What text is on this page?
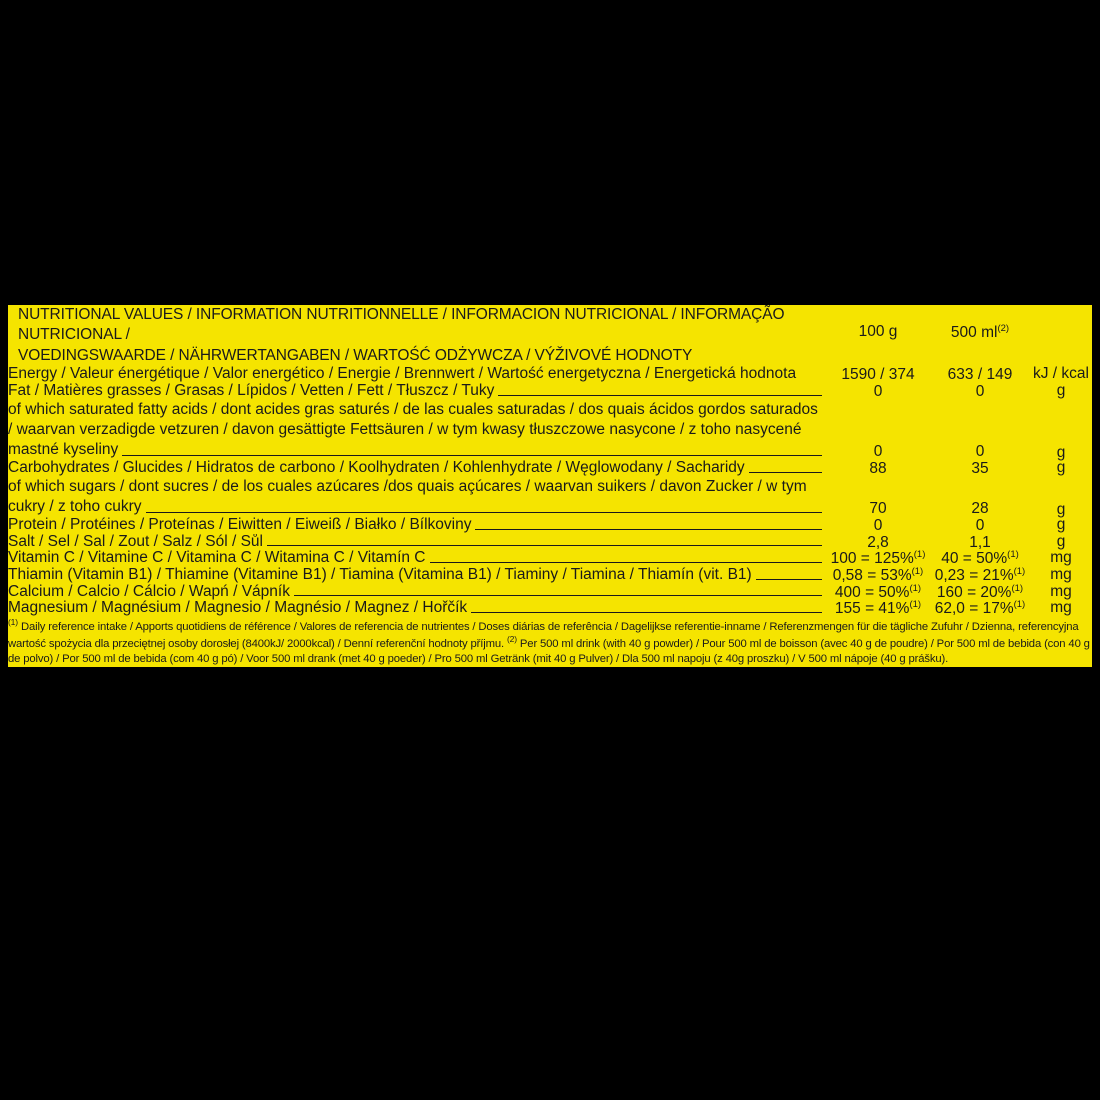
NUTRITIONAL VALUES / INFORMATION NUTRITIONNELLE / INFORMACION NUTRICIONAL / INFORMAÇÃO NUTRICIONAL /
VOEDINGSWAARDE / NÄHRWERTANGABEN / WARTOŚĆ ODŻYWCZA / VÝŽIVOVÉ HODNOTY	100 g	500 $ml^{(2)}$	
Energy / Valeur énergétique / Valor energético / Energie / Brennwert / Wartość energetyczna / Energetická hodnota	1590 / 374	633 / 149	kJ / kcal
Fat / Matières grasses / Grasas / Lípidos / Vetten / Fett / Tłuszcz / Tuky	0	0	g
of which saturated fatty acids / dont acides gras saturés / de las cuales saturadas / dos quais ácidos gordos saturados / waarvan verzadigde vetzuren / davon gesättigte Fettsäuren / w tym kwasy tłuszczowe nasycone / z toho nasycené mastné kyseliny	0	0	g
Carbohydrates / Glucides / Hidratos de carbono / Koolhydraten / Kohlenhydrate / Węglowodany / Sacharidy	88	35	g
of which sugars / dont sucres / de los cuales azúcares /dos quais açúcares / waarvan suikers / davon Zucker / w tym cukry / z toho cukry	70	28	g
Protein / Protéines / Proteínas / Eiwitten / Eiweiß / Białko / Bílkoviny	0	0	g
Salt / Sel / Sal / Zout / Salz / Sól / Sůl	2,8	1,1	g
Vitamin C / Vitamine C / Vitamina C / Witamina C / Vitamín C	100 = 125%$^{(1)}$	40 = 50%$^{(1)}$	mg
Thiamin (Vitamin B1) / Thiamine (Vitamine B1) / Tiamina (Vitamina B1) / Tiaminy / Tiamina / Thiamín (vit. B1)	0,58 = 53%$^{(1)}$	0,23 = 21%$^{(1)}$	mg
Calcium / Calcio / Cálcio / Wapń / Vápník	400 = 50%$^{(1)}$	160 = 20%$^{(1)}$	mg
Magnesium / Magnésium / Magnesio / Magnésio / Magnez / Hořčík	155 = 41%$^{(1)}$	62,0 = 17%$^{(1)}$	mg
$^{(1)}$ Daily reference intake / Apports quotidiens de référence / Valores de referencia de nutrientes / Doses diárias de referência / Dagelijkse referentie-inname / Referenzmengen für die tägliche Zufuhr / Dzienna, referencyjna wartość spożycia dla przeciętnej osoby dorosłej (8400kJ/ 2000kcal) / Denní referenční hodnoty příjmu. $^{(2)}$ Per 500 ml drink (with 40 g powder) / Pour 500 ml de boisson (avec 40 g de poudre) / Por 500 ml de bebida (con 40 g de polvo) / Por 500 ml de bebida (com 40 g pó) / Voor 500 ml drank (met 40 g poeder) / Pro 500 ml Getränk (mit 40 g Pulver) / Dla 500 ml napoju (z 40g proszku) / V 500 ml nápoje (40 g prášku).			
